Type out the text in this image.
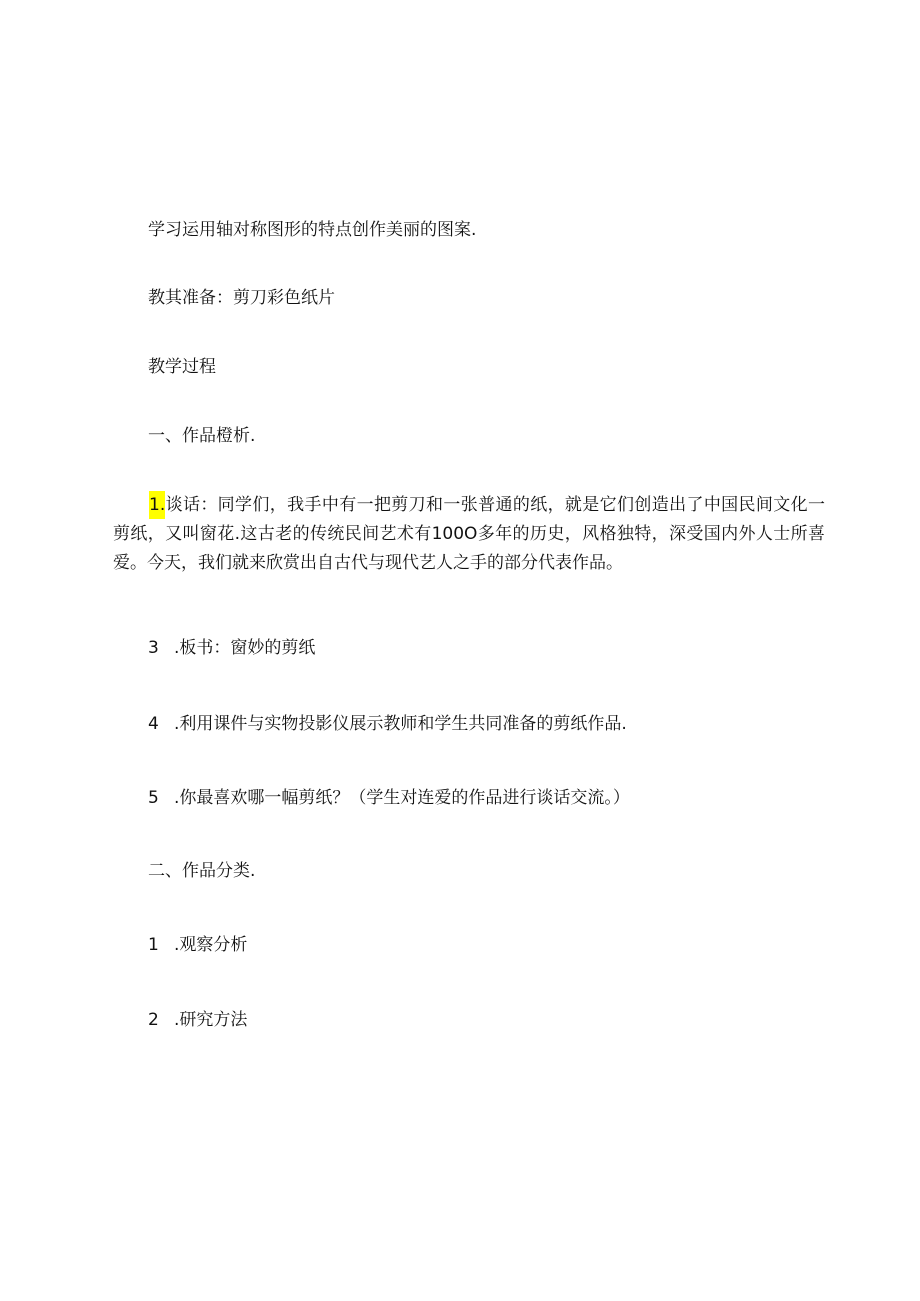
学习运用轴对称图形的特点创作美丽的图案.

教其准备：剪刀彩色纸片

教学过程

一、作品橙析.

1.谈话：同学们，我手中有一把剪刀和一张普通的纸，就是它们创造出了中国民间文化一剪纸，又叫窗花.这古老的传统民间艺术有100O多年的历史，风格独特，深受国内外人士所喜爱。今天，我们就来欣赏出自古代与现代艺人之手的部分代表作品。

3 .板书：窗妙的剪纸

4 .利用课件与实物投影仪展示教师和学生共同准备的剪纸作品.

5 .你最喜欢哪一幅剪纸？（学生对连爱的作品进行谈话交流。）

二、作品分类.

1 .观察分析

2 .研究方法
